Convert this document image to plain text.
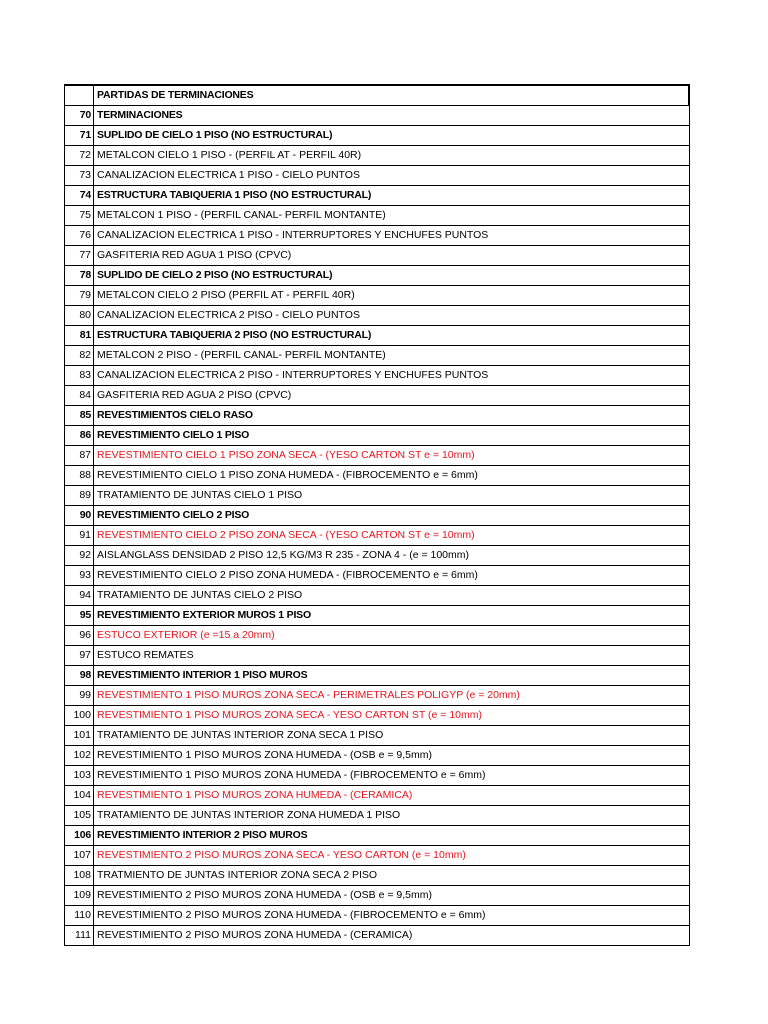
	PARTIDAS DE TERMINACIONES
70	TERMINACIONES
71	SUPLIDO DE CIELO 1 PISO (NO ESTRUCTURAL)
72	METALCON CIELO 1 PISO - (PERFIL AT - PERFIL 40R)
73	CANALIZACION ELECTRICA 1 PISO - CIELO PUNTOS
74	ESTRUCTURA TABIQUERIA 1 PISO (NO ESTRUCTURAL)
75	METALCON 1 PISO - (PERFIL CANAL- PERFIL MONTANTE)
76	CANALIZACION ELECTRICA 1 PISO - INTERRUPTORES Y ENCHUFES PUNTOS
77	GASFITERIA RED AGUA 1 PISO (CPVC)
78	SUPLIDO DE CIELO 2 PISO (NO ESTRUCTURAL)
79	METALCON CIELO 2 PISO (PERFIL AT - PERFIL 40R)
80	CANALIZACION ELECTRICA 2 PISO - CIELO PUNTOS
81	ESTRUCTURA TABIQUERIA 2 PISO (NO ESTRUCTURAL)
82	METALCON 2 PISO - (PERFIL CANAL- PERFIL MONTANTE)
83	CANALIZACION ELECTRICA 2 PISO - INTERRUPTORES Y ENCHUFES PUNTOS
84	GASFITERIA RED AGUA 2 PISO (CPVC)
85	REVESTIMIENTOS CIELO RASO
86	REVESTIMIENTO CIELO 1 PISO
87	REVESTIMIENTO CIELO 1 PISO ZONA SECA - (YESO CARTON ST e = 10mm)
88	REVESTIMIENTO CIELO 1 PISO ZONA HUMEDA - (FIBROCEMENTO e = 6mm)
89	TRATAMIENTO DE JUNTAS CIELO 1 PISO
90	REVESTIMIENTO CIELO 2 PISO
91	REVESTIMIENTO CIELO 2 PISO ZONA SECA - (YESO CARTON ST e = 10mm)
92	AISLANGLASS DENSIDAD 2 PISO 12,5 KG/M3 R 235 - ZONA 4 - (e = 100mm)
93	REVESTIMIENTO CIELO 2 PISO ZONA HUMEDA - (FIBROCEMENTO e = 6mm)
94	TRATAMIENTO DE JUNTAS CIELO 2 PISO
95	REVESTIMIENTO EXTERIOR MUROS 1 PISO
96	ESTUCO EXTERIOR (e =15 a 20mm)
97	ESTUCO REMATES
98	REVESTIMIENTO INTERIOR 1 PISO MUROS
99	REVESTIMIENTO 1 PISO MUROS ZONA SECA - PERIMETRALES POLIGYP (e = 20mm)
100	REVESTIMIENTO 1 PISO MUROS ZONA SECA - YESO CARTON ST (e = 10mm)
101	TRATAMIENTO DE JUNTAS INTERIOR ZONA SECA 1 PISO
102	REVESTIMIENTO 1 PISO MUROS ZONA HUMEDA - (OSB e = 9,5mm)
103	REVESTIMIENTO 1 PISO MUROS ZONA HUMEDA - (FIBROCEMENTO e = 6mm)
104	REVESTIMIENTO 1 PISO MUROS ZONA HUMEDA - (CERAMICA)
105	TRATAMIENTO DE JUNTAS INTERIOR ZONA HUMEDA 1 PISO
106	REVESTIMIENTO INTERIOR 2 PISO MUROS
107	REVESTIMIENTO 2 PISO MUROS ZONA SECA - YESO CARTON (e = 10mm)
108	TRATMIENTO DE JUNTAS INTERIOR ZONA SECA 2 PISO
109	REVESTIMIENTO 2 PISO MUROS ZONA HUMEDA - (OSB e = 9,5mm)
110	REVESTIMIENTO 2 PISO MUROS ZONA HUMEDA - (FIBROCEMENTO e = 6mm)
111	REVESTIMIENTO 2 PISO MUROS ZONA HUMEDA - (CERAMICA)
